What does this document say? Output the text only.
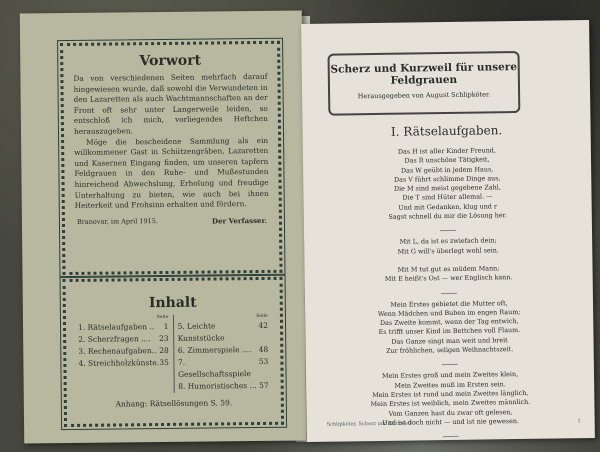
Vorwort

Da von verschiedenen Seiten mehrfach darauf hingewiesen wurde, daß sowohl die Verwundeten in den Lazaretten als auch Wachtmannschaften an der Front oft sehr unter Langerweile leiden, so entschloß ich mich, vorliegendes Heftchen herauszugeben.

Möge die bescheidene Sammlung als ein willkommener Gast in Schützengräben, Lazaretten und Kasernen Eingang finden, um unseren tapfern Feldgrauen in den Ruhe- und Mußestunden hinreichend Abwechslung, Erholung und freudige Unterhaltung zu bieten, wie auch bei ihnen Heiterkeit und Frohsinn erhalten und fördern.

Branovar, im April 1915.	Der Verfasser.
Inhalt
Seite
1. Rätselaufgaben .. 1
2. Scherzfragen .... 23
3. Rechenaufgaben.. 28
4. Streichholzkünste. 35
Seite
5. Leichte Kunststücke
42
6. Zimmerspiele .... 48
7. Gesellschaftsspiele
53
8. Humoristisches ... 57
Anhang: Rätsellösungen S. 59.
Scherz und Kurzweil für unsere Feldgrauen
Herausgegeben von August Schlipköter.
I. Rätselaufgaben.
Das H ist aller Kinder Freund,
Das R unschöne Tätigkeit,
Das W geübt in jedem Haus,
Das V führt schlimme Dinge aus,
Die M sind meist gegebene Zahl,
Die T sind Hüter allemal. —
Und mit Gedanken, klug und r
Sagst schnell du mir die Lösung her.
Mit L, da ist es zwiefach dein;
Mit G will's überlegt wohl sein.
Mit M tut gut es müdem Mann;
Mit E heißt's Ost — wer Englisch kann.
Mein Erstes gebietet die Mutter oft,
Wenn Mädchen und Buben im engen Raum;
Das Zweite kommt, wenn der Tag entwich,
Es trifft unser Kind im Bettchen voll Flaum.
Das Ganze singt man weit und breit
Zur fröhlichen, seligen Weihnachtszeit.
Mein Erstes groß und mein Zweites klein,
Mein Zweites muß im Ersten sein.
Mein Erstes ist rund und mein Zweites länglich,
Mein Erstes ist weiblich, mein Zweites männlich.
Vom Ganzen hast du zwar oft gelesen,
Und ist doch nicht — und ist nie gewesen.
Schlipköter, Scherz und Kurzweil	1
